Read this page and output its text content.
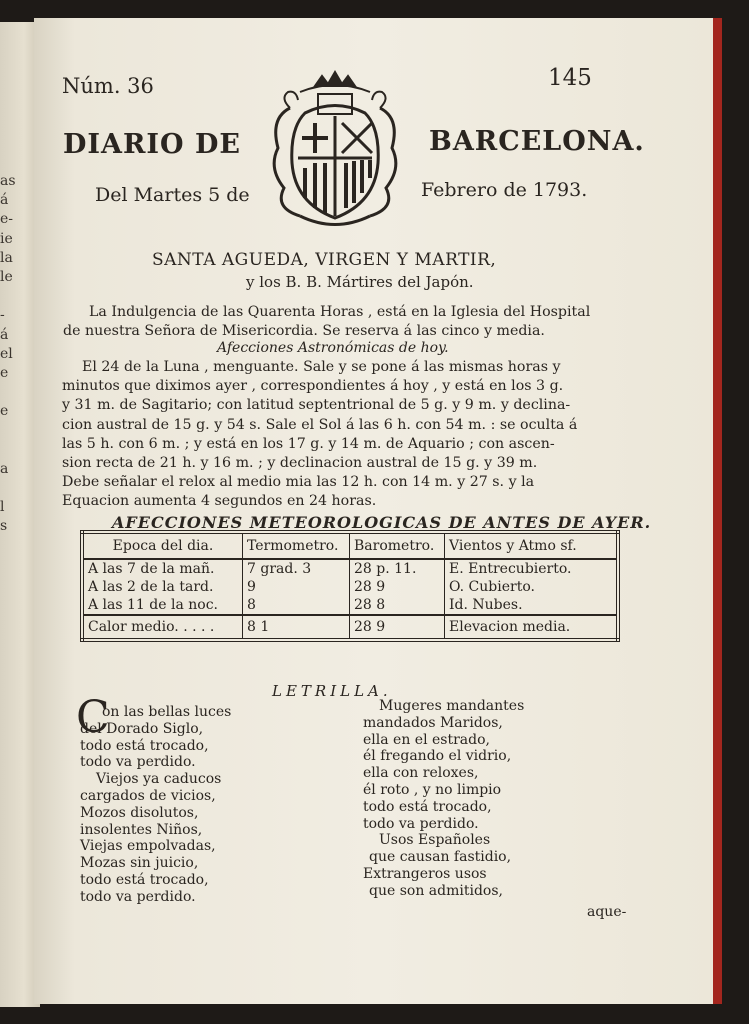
as
á
e-
ie
la
le
-
á
el
e
e
a
l
s
Núm. 36	145
DIARIO DE	BARCELONA.
Del Martes 5 de	Febrero de 1793.
SANTA AGUEDA, VIRGEN Y MARTIR,
y los B. B. Mártires del Japón.
La Indulgencia de las Quarenta Horas , está en la Iglesia del Hospital
de nuestra Señora de Misericordia. Se reserva á las cinco y media.
Afecciones Astronómicas de hoy.
El 24 de la Luna , menguante. Sale y se pone á las mismas horas y
minutos que diximos ayer , correspondientes á hoy , y está en los 3 g.
y 31 m. de Sagitario; con latitud septentrional de 5 g. y 9 m. y declina-
cion austral de 15 g. y 54 s. Sale el Sol á las 6 h. con 54 m. : se oculta á
las 5 h. con 6 m. ; y está en los 17 g. y 14 m. de Aquario ; con ascen-
sion recta de 21 h. y 16 m. ; y declinacion austral de 15 g. y 39 m.
Debe señalar el relox al medio mia las 12 h. con 14 m. y 27 s. y la
Equacion aumenta 4 segundos en 24 horas.
AFECCIONES METEOROLOGICAS DE ANTES DE AYER.
Epoca del dia.	Termometro.	Barometro.	Vientos y Atmo sf.
A las 7 de la mañ.	7 grad. 3	28 p. 11.	E. Entrecubierto.
A las 2 de la tard.	9	28 9	O. Cubierto.
A las 11 de la noc.	8	28 8	Id. Nubes.
Calor medio. . . . .	8 1	28 9	Elevacion media.
LETRILLA.
C
on las bellas luces
del Dorado Siglo,
todo está trocado,
todo va perdido.
Viejos ya caducos
cargados de vicios,
Mozos disolutos,
insolentes Niños,
Viejas empolvadas,
Mozas sin juicio,
todo está trocado,
todo va perdido.
Mugeres mandantes
mandados Maridos,
ella en el estrado,
él fregando el vidrio,
ella con reloxes,
él roto , y no limpio
todo está trocado,
todo va perdido.
Usos Españoles
que causan fastidio,
Extrangeros usos
que son admitidos,
aque-
